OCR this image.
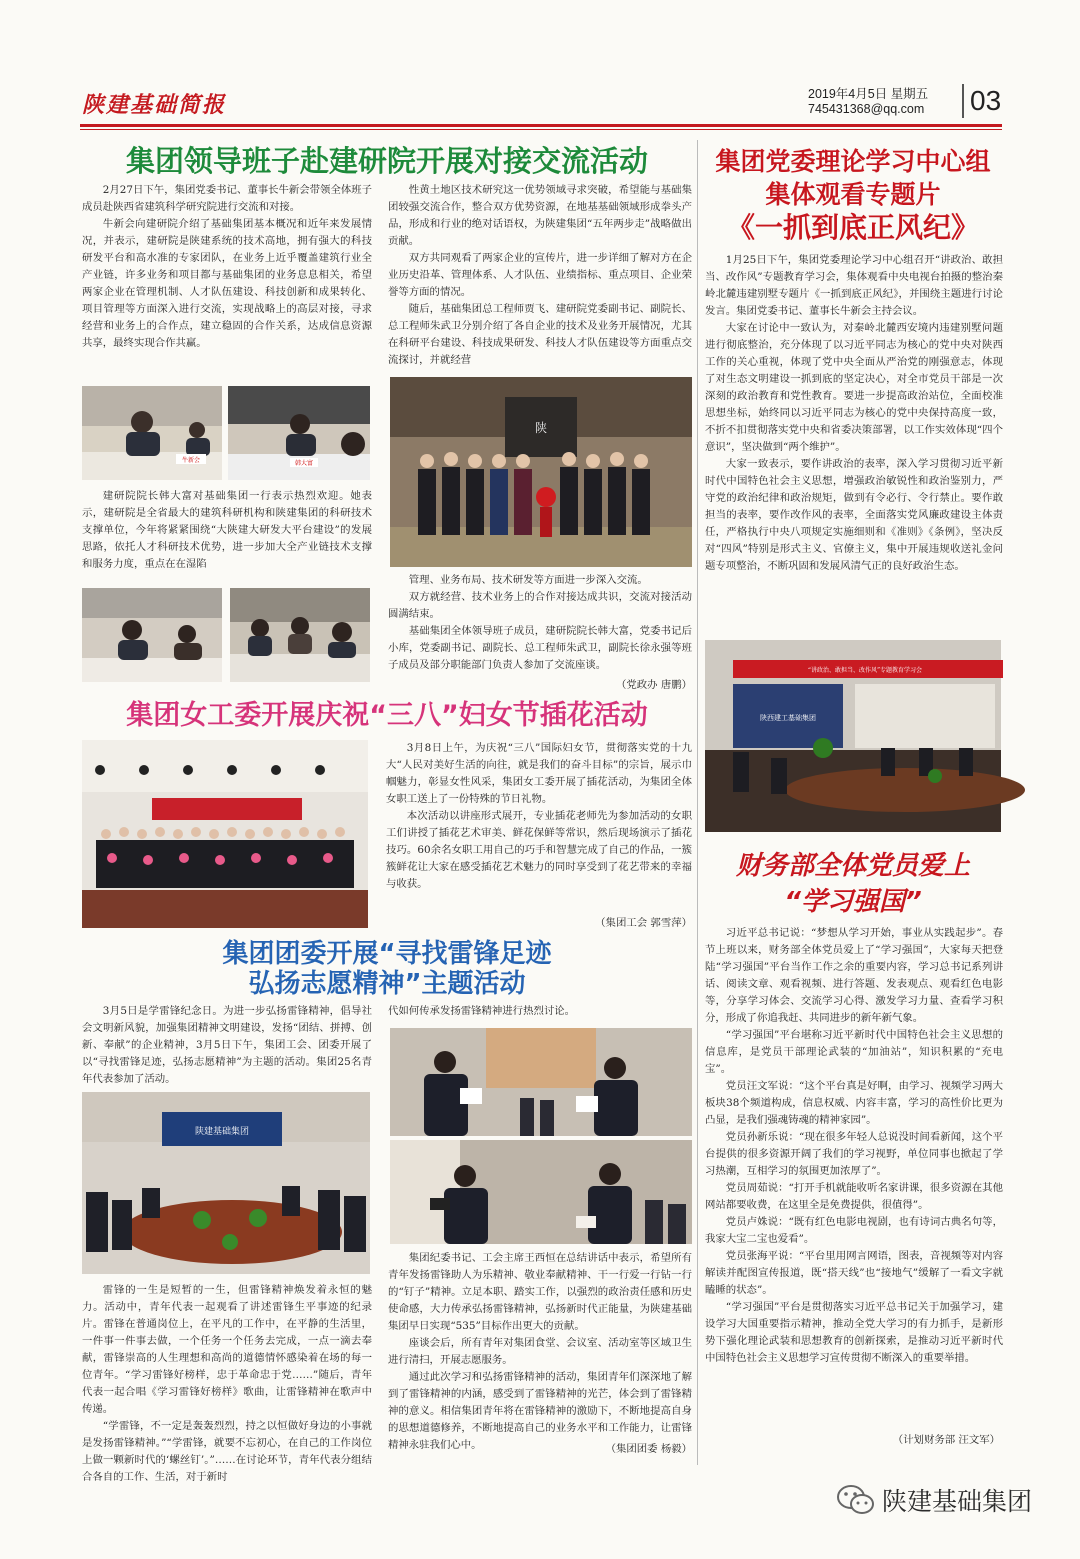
陕建基础简报	2019年4月5日 星期五
745431368@qq.com 03
集团领导班子赴建研院开展对接交流活动

2月27日下午，集团党委书记、董事长牛新会带领全体班子成员赴陕西省建筑科学研究院进行交流和对接。

牛新会向建研院介绍了基础集团基本概况和近年来发展情况，并表示，建研院是陕建系统的技术高地，拥有强大的科技研发平台和高水准的专家团队，在业务上近乎覆盖建筑行业全产业链，许多业务和项目都与基础集团的业务息息相关，希望两家企业在管理机制、人才队伍建设、科技创新和成果转化、项目管理等方面深入进行交流，实现战略上的高层对接，寻求经营和业务上的合作点，建立稳固的合作关系，达成信息资源共享，最终实现合作共赢。

牛新会	韩大富

建研院院长韩大富对基础集团一行表示热烈欢迎。她表示，建研院是全省最大的建筑科研机构和陕建集团的科研技术支撑单位，今年将紧紧围绕“大陕建大研发大平台建设”的发展思路，依托人才科研技术优势，进一步加大全产业链技术支撑和服务力度，重点在在湿陷

性黄土地区技术研究这一优势领域寻求突破，希望能与基础集团较强交流合作，整合双方优势资源，在地基基础领域形成拳头产品，形成和行业的绝对话语权，为陕建集团“五年两步走”战略做出贡献。

双方共同观看了两家企业的宣传片，进一步详细了解对方在企业历史沿革、管理体系、人才队伍、业绩指标、重点项目、企业荣誉等方面的情况。

随后，基础集团总工程师贾飞、建研院党委副书记、副院长、总工程师朱武卫分别介绍了各自企业的技术及业务开展情况，尤其在科研平台建设、科技成果研发、科技人才队伍建设等方面重点交流探讨，并就经营

陕

管理、业务布局、技术研发等方面进一步深入交流。

双方就经营、技术业务上的合作对接达成共识，交流对接活动圆满结束。

基础集团全体领导班子成员，建研院院长韩大富，党委书记后小库，党委副书记、副院长、总工程师朱武卫，副院长徐永强等班子成员及部分职能部门负责人参加了交流座谈。

（党政办 唐鹏）
集团女工委开展庆祝“三八”妇女节插花活动

3月8日上午，为庆祝“三八”国际妇女节，贯彻落实党的十九大“人民对美好生活的向往，就是我们的奋斗目标”的宗旨，展示巾帼魅力，彰显女性风采，集团女工委开展了插花活动，为集团全体女职工送上了一份特殊的节日礼物。

本次活动以讲座形式展开，专业插花老师先为参加活动的女职工们讲授了插花艺术审美、鲜花保鲜等常识，然后现场演示了插花技巧。60余名女职工用自己的巧手和智慧完成了自己的作品，一簇簇鲜花让大家在感受插花艺术魅力的同时享受到了花艺带来的幸福与收获。

（集团工会 郭雪萍）
集团团委开展“寻找雷锋足迹
弘扬志愿精神”主题活动

3月5日是学雷锋纪念日。为进一步弘扬雷锋精神，倡导社会文明新风貌，加强集团精神文明建设，发扬“团结、拼搏、创新、奉献”的企业精神，3月5日下午，集团工会、团委开展了以“寻找雷锋足迹，弘扬志愿精神”为主题的活动。集团25名青年代表参加了活动。

陕建基础集团

雷锋的一生是短暂的一生，但雷锋精神焕发着永恒的魅力。活动中，青年代表一起观看了讲述雷锋生平事迹的纪录片。雷锋在普通岗位上，在平凡的工作中，在平静的生活里，一件事一件事去做，一个任务一个任务去完成，一点一滴去奉献，雷锋崇高的人生理想和高尚的道德情怀感染着在场的每一位青年。“学习雷锋好榜样，忠于革命忠于党……”随后，青年代表一起合唱《学习雷锋好榜样》歌曲，让雷锋精神在歌声中传递。

“学雷锋，不一定是轰轰烈烈，持之以恒做好身边的小事就是发扬雷锋精神。”“学雷锋，就要不忘初心，在自己的工作岗位上做一颗新时代的‘螺丝钉’。”……在讨论环节，青年代表分组结合各自的工作、生活，对于新时

代如何传承发扬雷锋精神进行热烈讨论。

集团纪委书记、工会主席王西恒在总结讲话中表示，希望所有青年发扬雷锋助人为乐精神、敬业奉献精神、干一行爱一行钻一行的“钉子”精神。立足本职、踏实工作，以强烈的政治责任感和历史使命感，大力传承弘扬雷锋精神，弘扬新时代正能量，为陕建基础集团早日实现“535”目标作出更大的贡献。

座谈会后，所有青年对集团食堂、会议室、活动室等区域卫生进行清扫，开展志愿服务。

通过此次学习和弘扬雷锋精神的活动，集团青年们深深地了解到了雷锋精神的内涵，感受到了雷锋精神的光芒，体会到了雷锋精神的意义。相信集团青年将在雷锋精神的激励下，不断地提高自身的思想道德修养，不断地提高自己的业务水平和工作能力，让雷锋精神永驻我们心中。	（集团团委 杨毅）
集团党委理论学习中心组
集体观看专题片
《一抓到底正风纪》

1月25日下午，集团党委理论学习中心组召开“讲政治、敢担当、改作风”专题教育学习会，集体观看中央电视台拍摄的整治秦岭北麓违建别墅专题片《一抓到底正风纪》，并围绕主题进行讨论发言。集团党委书记、董事长牛新会主持会议。

大家在讨论中一致认为，对秦岭北麓西安境内违建别墅问题进行彻底整治，充分体现了以习近平同志为核心的党中央对陕西工作的关心重视，体现了党中央全面从严治党的刚强意志，体现了对生态文明建设一抓到底的坚定决心，对全市党员干部是一次深刻的政治教育和党性教育。要进一步提高政治站位，全面校准思想坐标，始终同以习近平同志为核心的党中央保持高度一致，不折不扣贯彻落实党中央和省委决策部署，以工作实效体现“四个意识”，坚决做到“两个维护”。

大家一致表示，要作讲政治的表率，深入学习贯彻习近平新时代中国特色社会主义思想，增强政治敏锐性和政治鉴别力，严守党的政治纪律和政治规矩，做到有令必行、令行禁止。要作敢担当的表率，要作改作风的表率，全面落实党风廉政建设主体责任，严格执行中央八项规定实施细则和《准则》《条例》，坚决反对“四风”特别是形式主义、官僚主义，集中开展违规收送礼金问题专项整治，不断巩固和发展风清气正的良好政治生态。

“讲政治、敢担当、改作风”专题教育学习会
陕西建工基础集团
财务部全体党员爱上
“学习强国”

习近平总书记说：“梦想从学习开始，事业从实践起步”。春节上班以来，财务部全体党员爱上了“学习强国”，大家每天把登陆“学习强国”平台当作工作之余的重要内容，学习总书记系列讲话、阅读文章、观看视频、进行答题、发表观点、观看红色电影等，分享学习体会、交流学习心得、激发学习力量、查看学习积分，形成了你追我赶、共同进步的新年新气象。

“学习强国”平台堪称习近平新时代中国特色社会主义思想的信息库，是党员干部理论武装的“加油站”，知识积累的“充电宝”。

党员汪文军说：“这个平台真是好啊，由学习、视频学习两大板块38个频道构成，信息权威、内容丰富，学习的高性价比更为凸显，是我们强魂铸魂的精神家园”。

党员孙新乐说：“现在很多年轻人总说没时间看新闻，这个平台提供的很多资源开阔了我们的学习视野，单位同事也掀起了学习热潮，互相学习的氛围更加浓厚了”。

党员周茹说：“打开手机就能收听名家讲课，很多资源在其他网站都要收费，在这里全是免费提供，很值得”。

党员卢姝说：“既有红色电影电视剧，也有诗词古典名句等，我家大宝二宝也爱看”。

党员张海平说：“平台里用网言网语，图表，音视频等对内容解读并配图宣传报道，既“搭天线”也“接地气”缓解了一看文字就瞌睡的状态”。

“学习强国”平台是贯彻落实习近平总书记关于加强学习，建设学习大国重要指示精神，推动全党大学习的有力抓手，是新形势下强化理论武装和思想教育的创新探索，是推动习近平新时代中国特色社会主义思想学习宣传贯彻不断深入的重要举措。

（计划财务部 汪文军）
陕建基础集团
